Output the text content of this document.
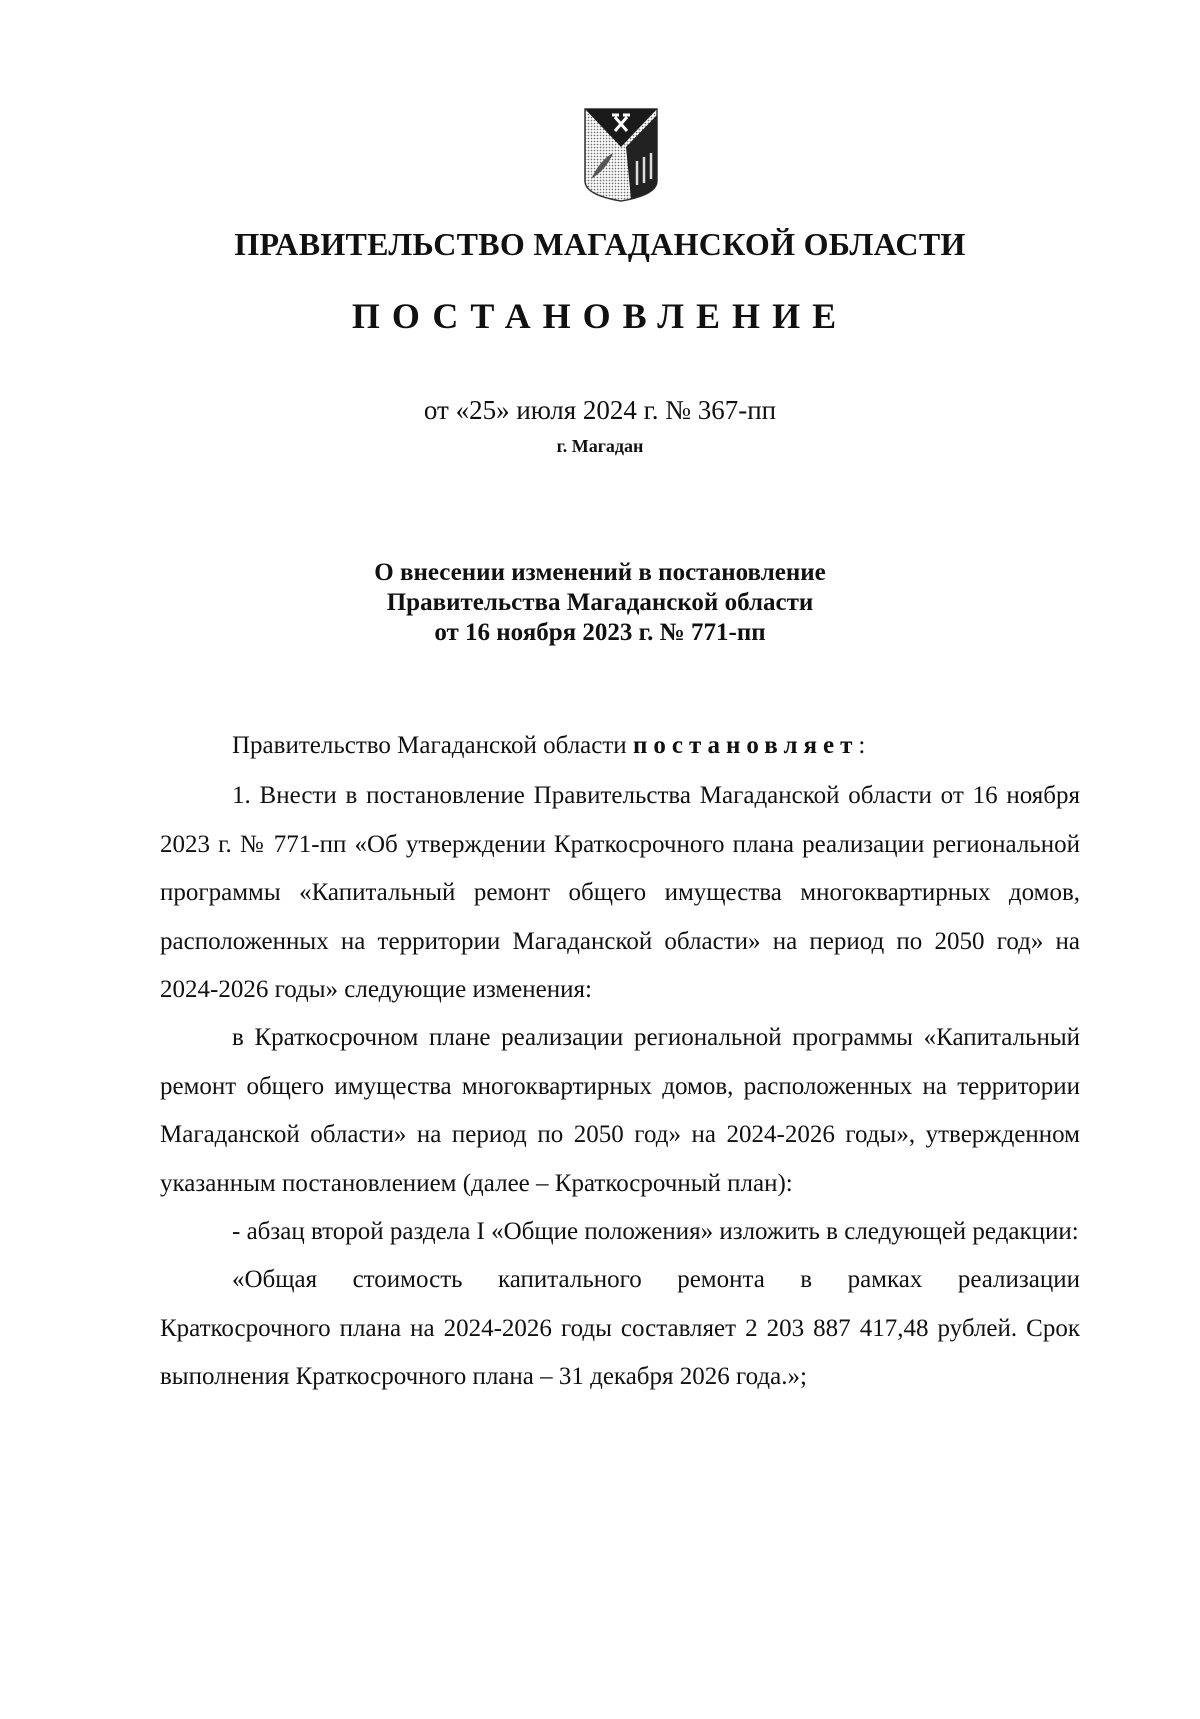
ПРАВИТЕЛЬСТВО МАГАДАНСКОЙ ОБЛАСТИ
ПОСТАНОВЛЕНИЕ
от «25» июля 2024 г. № 367-пп
г. Магадан
О внесении изменений в постановление
Правительства Магаданской области
от 16 ноября 2023 г. № 771-пп

Правительство Магаданской области постановляет:

1. Внести в постановление Правительства Магаданской области от 16 ноября 2023 г. № 771-пп «Об утверждении Краткосрочного плана реализации региональной программы «Капитальный ремонт общего имущества многоквартирных домов, расположенных на территории Магаданской области» на период по 2050 год» на 2024-2026 годы» следующие изменения:

в Краткосрочном плане реализации региональной программы «Капитальный ремонт общего имущества многоквартирных домов, расположенных на территории Магаданской области» на период по 2050 год» на 2024-2026 годы», утвержденном указанным постановлением (далее – Краткосрочный план):

- абзац второй раздела I «Общие положения» изложить в следующей редакции:

«Общая стоимость капитального ремонта в рамках реализации Краткосрочного плана на 2024-2026 годы составляет 2 203 887 417,48 рублей. Срок выполнения Краткосрочного плана – 31 декабря 2026 года.»;
